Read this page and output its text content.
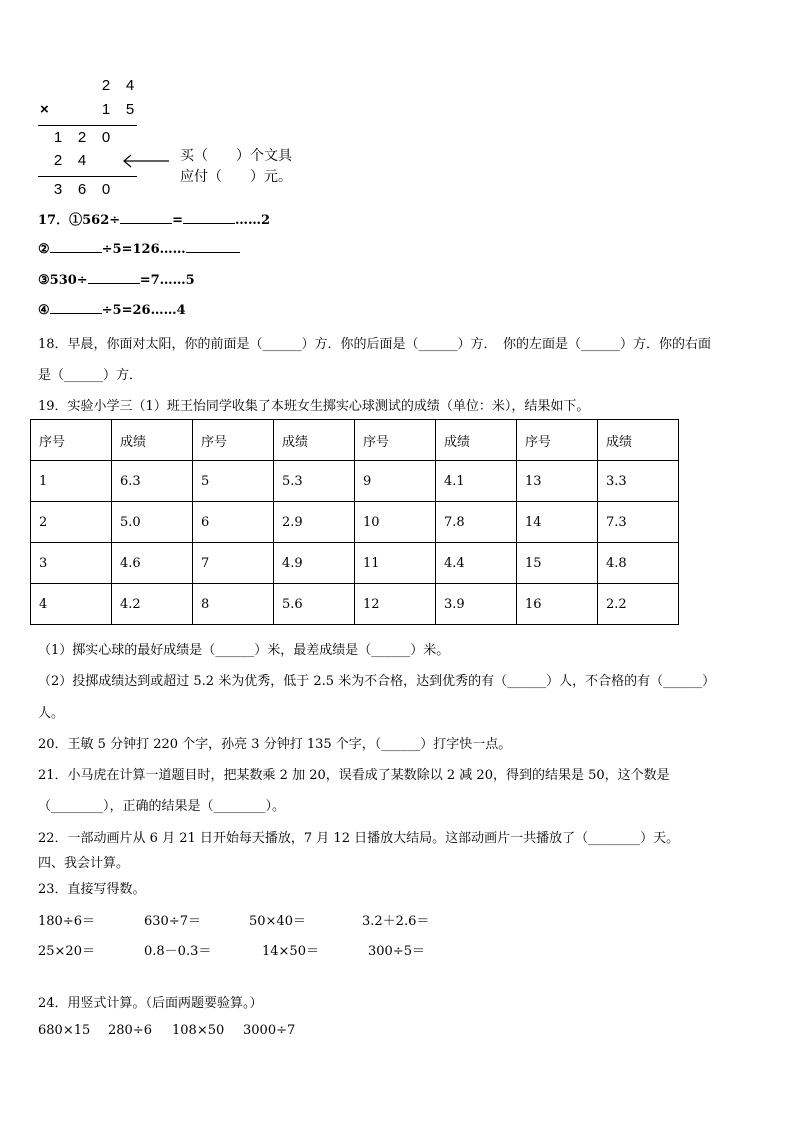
2 4
×	1 5
1 2 0
2 4
3 6 0
买（　　）个文具
应付（　　）元。
17．①562÷	=	……2
②	÷5=126……
③530÷	=7……5
④	÷5=26……4
18．早晨，你面对太阳，你的前面是（______）方．你的后面是（______）方．　你的左面是（______）方．你的右面
是（______）方．
19．实验小学三（1）班王怡同学收集了本班女生掷实心球测试的成绩（单位：米），结果如下。
序号	成绩	序号	成绩	序号	成绩	序号	成绩
1	6.3	5	5.3	9	4.1	13	3.3
2	5.0	6	2.9	10	7.8	14	7.3
3	4.6	7	4.9	11	4.4	15	4.8
4	4.2	8	5.6	12	3.9	16	2.2
（1）掷实心球的最好成绩是（______）米，最差成绩是（______）米。
（2）投掷成绩达到或超过 5.2 米为优秀，低于 2.5 米为不合格，达到优秀的有（______）人，不合格的有（______）
人。
20．王敏 5 分钟打 220 个字，孙亮 3 分钟打 135 个字，（______）打字快一点。
21．小马虎在计算一道题目时，把某数乘 2 加 20，误看成了某数除以 2 减 20，得到的结果是 50，这个数是
（________），正确的结果是（________）。
22．一部动画片从 6 月 21 日开始每天播放，7 月 12 日播放大结局。这部动画片一共播放了（________）天。
四、我会计算。
23．直接写得数。
180÷6＝	630÷7＝	50×40＝	3.2＋2.6＝
25×20＝	0.8－0.3＝	14×50＝	300÷5＝
24．用竖式计算。（后面两题要验算。）
680×15 280÷6 108×50 3000÷7
